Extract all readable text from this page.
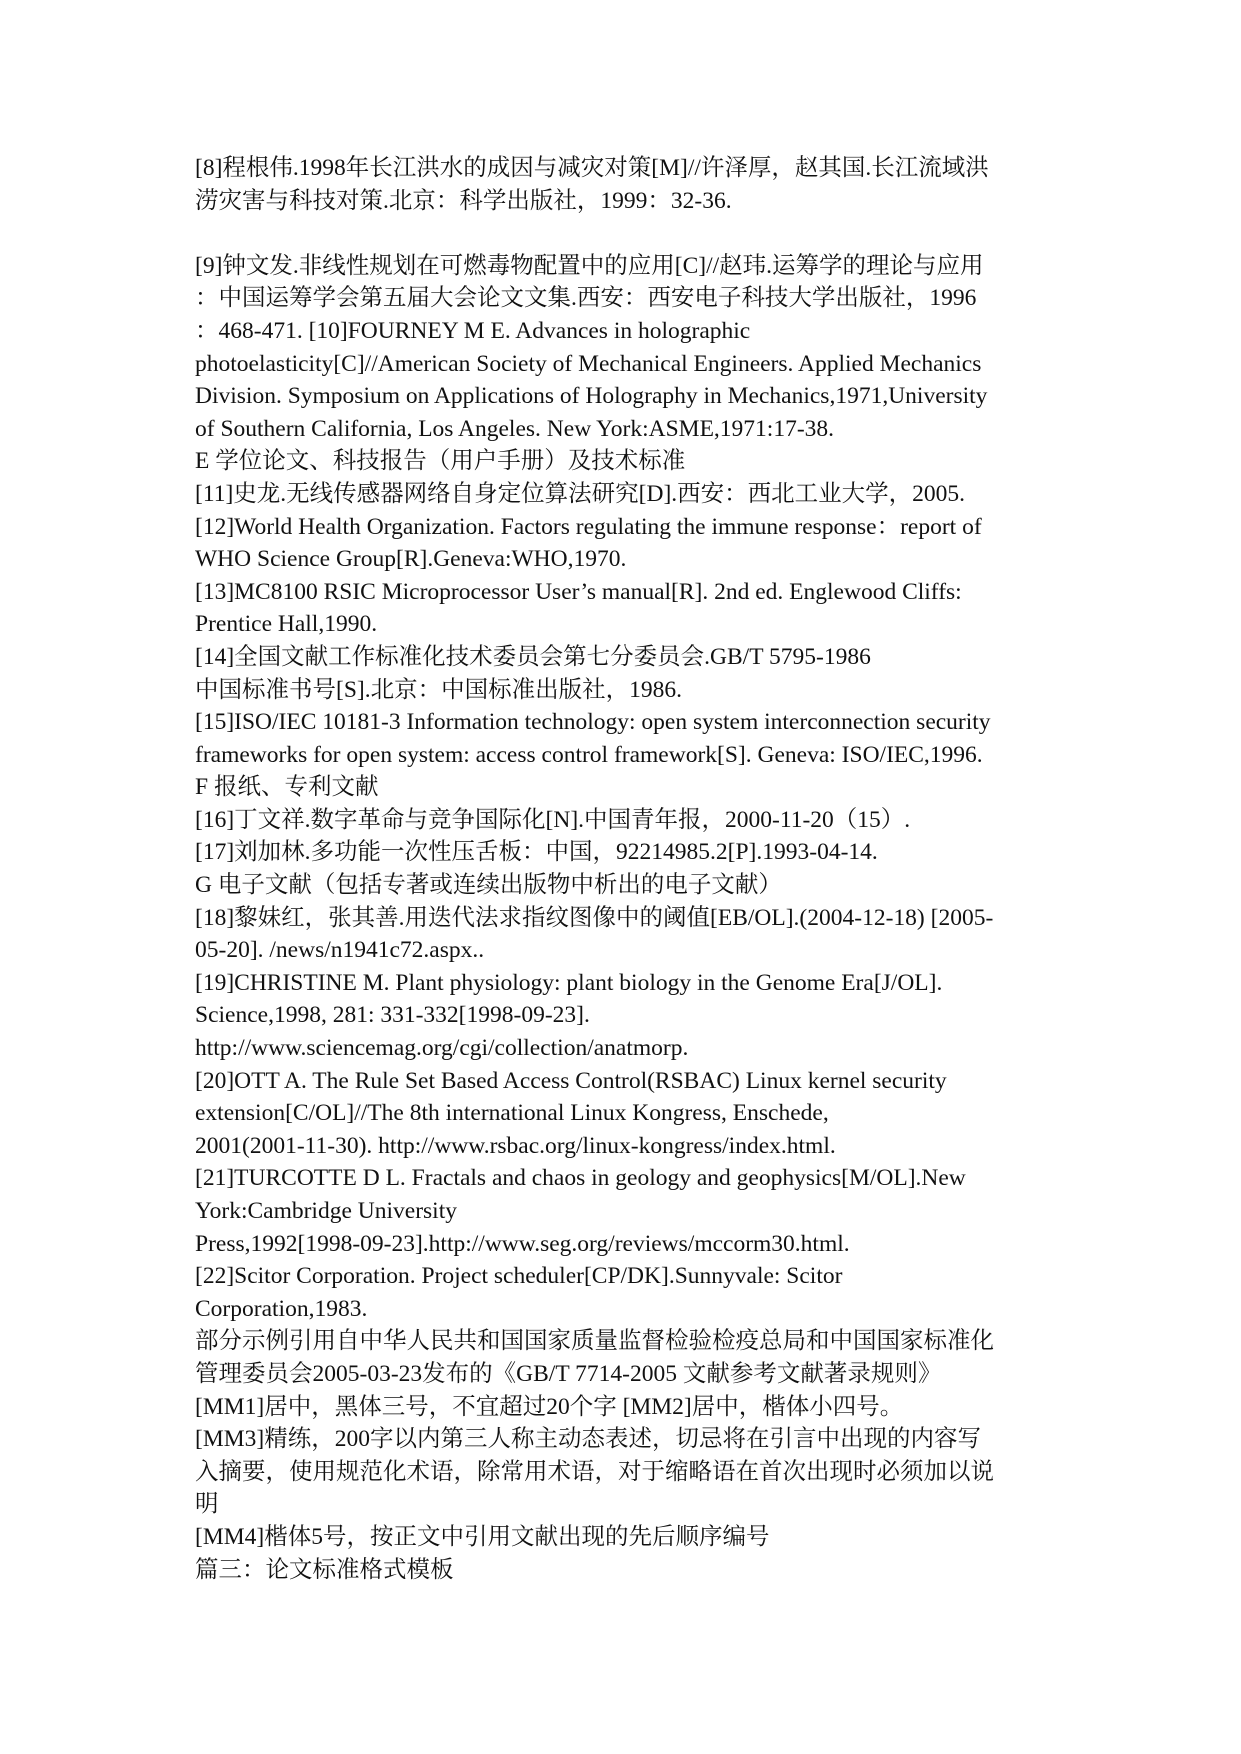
[8]程根伟.1998年长江洪水的成因与减灾对策[M]//许泽厚，赵其国.长江流域洪
涝灾害与科技对策.北京：科学出版社，1999：32-36.
[9]钟文发.非线性规划在可燃毒物配置中的应用[C]//赵玮.运筹学的理论与应用
：中国运筹学会第五届大会论文文集.西安：西安电子科技大学出版社，1996
：468-471. [10]FOURNEY M E. Advances in holographic
photoelasticity[C]//American Society of Mechanical Engineers. Applied Mechanics
Division. Symposium on Applications of Holography in Mechanics,1971,University
of Southern California, Los Angeles. New York:ASME,1971:17-38.
E 学位论文、科技报告（用户手册）及技术标准
[11]史龙.无线传感器网络自身定位算法研究[D].西安：西北工业大学，2005.
[12]World Health Organization. Factors regulating the immune response：report of
WHO Science Group[R].Geneva:WHO,1970.
[13]MC8100 RSIC Microprocessor User’s manual[R]. 2nd ed. Englewood Cliffs:
Prentice Hall,1990.
[14]全国文献工作标准化技术委员会第七分委员会.GB/T 5795-1986
中国标准书号[S].北京：中国标准出版社，1986.
[15]ISO/IEC 10181-3 Information technology: open system interconnection security
frameworks for open system: access control framework[S]. Geneva: ISO/IEC,1996.
F 报纸、专利文献
[16]丁文祥.数字革命与竞争国际化[N].中国青年报，2000-11-20（15）.
[17]刘加林.多功能一次性压舌板：中国，92214985.2[P].1993-04-14.
G 电子文献（包括专著或连续出版物中析出的电子文献）
[18]黎妹红，张其善.用迭代法求指纹图像中的阈值[EB/OL].(2004-12-18) [2005-
05-20]. /news/n1941c72.aspx..
[19]CHRISTINE M. Plant physiology: plant biology in the Genome Era[J/OL].
Science,1998, 281: 331-332[1998-09-23].
http://www.sciencemag.org/cgi/collection/anatmorp.
[20]OTT A. The Rule Set Based Access Control(RSBAC) Linux kernel security
extension[C/OL]//The 8th international Linux Kongress, Enschede,
2001(2001-11-30). http://www.rsbac.org/linux-kongress/index.html.
[21]TURCOTTE D L. Fractals and chaos in geology and geophysics[M/OL].New
York:Cambridge University
Press,1992[1998-09-23].http://www.seg.org/reviews/mccorm30.html.
[22]Scitor Corporation. Project scheduler[CP/DK].Sunnyvale: Scitor
Corporation,1983.
部分示例引用自中华人民共和国国家质量监督检验检疫总局和中国国家标准化
管理委员会2005-03-23发布的《GB/T 7714-2005 文献参考文献著录规则》
[MM1]居中，黑体三号，不宜超过20个字 [MM2]居中，楷体小四号。
[MM3]精练，200字以内第三人称主动态表述，切忌将在引言中出现的内容写
入摘要，使用规范化术语，除常用术语，对于缩略语在首次出现时必须加以说
明
[MM4]楷体5号，按正文中引用文献出现的先后顺序编号
篇三：论文标准格式模板
